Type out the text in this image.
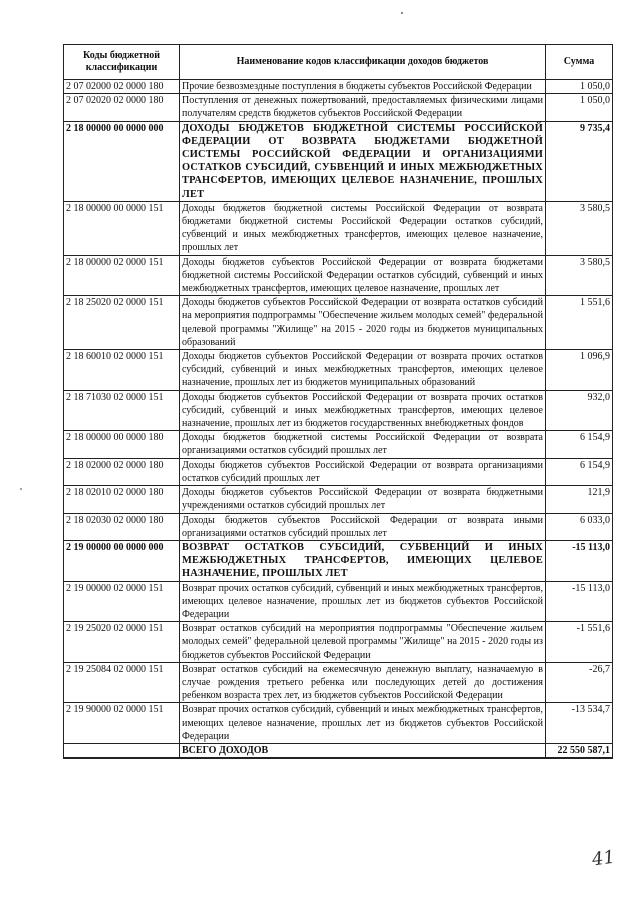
Коды бюджетной классификации	Наименование кодов классификации доходов бюджетов	Сумма
2 07 02000 02 0000 180	Прочие безвозмездные поступления в бюджеты субъектов Российской Федерации	1 050,0
2 07 02020 02 0000 180	Поступления от денежных пожертвований, предоставляемых физическими лицами получателям средств бюджетов субъектов Российской Федерации	1 050,0
2 18 00000 00 0000 000	ДОХОДЫ БЮДЖЕТОВ БЮДЖЕТНОЙ СИСТЕМЫ РОССИЙСКОЙ ФЕДЕРАЦИИ ОТ ВОЗВРАТА БЮДЖЕТАМИ БЮДЖЕТНОЙ СИСТЕМЫ РОССИЙСКОЙ ФЕДЕРАЦИИ И ОРГАНИЗАЦИЯМИ ОСТАТКОВ СУБСИДИЙ, СУБВЕНЦИЙ И ИНЫХ МЕЖБЮДЖЕТНЫХ ТРАНСФЕРТОВ, ИМЕЮЩИХ ЦЕЛЕВОЕ НАЗНАЧЕНИЕ, ПРОШЛЫХ ЛЕТ	9 735,4
2 18 00000 00 0000 151	Доходы бюджетов бюджетной системы Российской Федерации от возврата бюджетами бюджетной системы Российской Федерации остатков субсидий, субвенций и иных межбюджетных трансфертов, имеющих целевое назначение, прошлых лет	3 580,5
2 18 00000 02 0000 151	Доходы бюджетов субъектов Российской Федерации от возврата бюджетами бюджетной системы Российской Федерации остатков субсидий, субвенций и иных межбюджетных трансфертов, имеющих целевое назначение, прошлых лет	3 580,5
2 18 25020 02 0000 151	Доходы бюджетов субъектов Российской Федерации от возврата остатков субсидий на мероприятия подпрограммы "Обеспечение жильем молодых семей" федеральной целевой программы "Жилище" на 2015 - 2020 годы из бюджетов муниципальных образований	1 551,6
2 18 60010 02 0000 151	Доходы бюджетов субъектов Российской Федерации от возврата прочих остатков субсидий, субвенций и иных межбюджетных трансфертов, имеющих целевое назначение, прошлых лет из бюджетов муниципальных образований	1 096,9
2 18 71030 02 0000 151	Доходы бюджетов субъектов Российской Федерации от возврата прочих остатков субсидий, субвенций и иных межбюджетных трансфертов, имеющих целевое назначение, прошлых лет из бюджетов государственных внебюджетных фондов	932,0
2 18 00000 00 0000 180	Доходы бюджетов бюджетной системы Российской Федерации от возврата организациями остатков субсидий прошлых лет	6 154,9
2 18 02000 02 0000 180	Доходы бюджетов субъектов Российской Федерации от возврата организациями остатков субсидий прошлых лет	6 154,9
2 18 02010 02 0000 180	Доходы бюджетов субъектов Российской Федерации от возврата бюджетными учреждениями остатков субсидий прошлых лет	121,9
2 18 02030 02 0000 180	Доходы бюджетов субъектов Российской Федерации от возврата иными организациями остатков субсидий прошлых лет	6 033,0
2 19 00000 00 0000 000	ВОЗВРАТ ОСТАТКОВ СУБСИДИЙ, СУБВЕНЦИЙ И ИНЫХ МЕЖБЮДЖЕТНЫХ ТРАНСФЕРТОВ, ИМЕЮЩИХ ЦЕЛЕВОЕ НАЗНАЧЕНИЕ, ПРОШЛЫХ ЛЕТ	-15 113,0
2 19 00000 02 0000 151	Возврат прочих остатков субсидий, субвенций и иных межбюджетных трансфертов, имеющих целевое назначение, прошлых лет из бюджетов субъектов Российской Федерации	-15 113,0
2 19 25020 02 0000 151	Возврат остатков субсидий на мероприятия подпрограммы "Обеспечение жильем молодых семей" федеральной целевой программы "Жилище" на 2015 - 2020 годы из бюджетов субъектов Российской Федерации	-1 551,6
2 19 25084 02 0000 151	Возврат остатков субсидий на ежемесячную денежную выплату, назначаемую в случае рождения третьего ребенка или последующих детей до достижения ребенком возраста трех лет, из бюджетов субъектов Российской Федерации	-26,7
2 19 90000 02 0000 151	Возврат прочих остатков субсидий, субвенций и иных межбюджетных трансфертов, имеющих целевое назначение, прошлых лет из бюджетов субъектов Российской Федерации	-13 534,7
	ВСЕГО ДОХОДОВ	22 550 587,1
41
